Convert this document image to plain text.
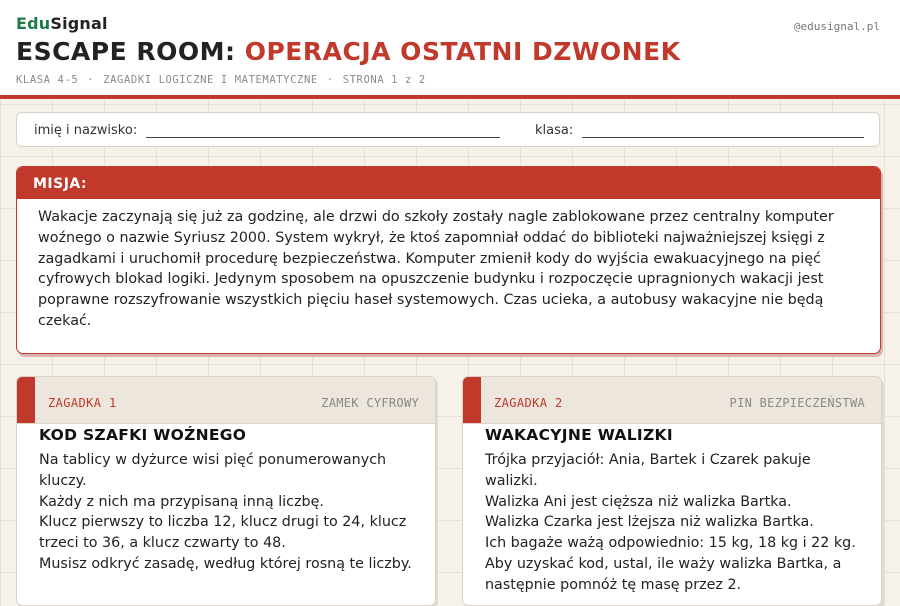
EduSignal	@edusignal.pl
ESCAPE ROOM: OPERACJA OSTATNI DZWONEK
KLASA 4-5 · ZAGADKI LOGICZNE I MATEMATYCZNE · STRONA 1 z 2
imię i nazwisko:	klasa:
MISJA:
Wakacje zaczynają się już za godzinę, ale drzwi do szkoły zostały nagle zablokowane przez centralny komputer woźnego o nazwie Syriusz 2000. System wykrył, że ktoś zapomniał oddać do biblioteki najważniejszej księgi z zagadkami i uruchomił procedurę bezpieczeństwa. Komputer zmienił kody do wyjścia ewakuacyjnego na pięć cyfrowych blokad logiki. Jedynym sposobem na opuszczenie budynku i rozpoczęcie upragnionych wakacji jest poprawne rozszyfrowanie wszystkich pięciu haseł systemowych. Czas ucieka, a autobusy wakacyjne nie będą czekać.
ZAGADKA 1	ZAMEK CYFROWY
KOD SZAFKI WOŹNEGO

Na tablicy w dyżurce wisi pięć ponumerowanych kluczy.

Każdy z nich ma przypisaną inną liczbę.

Klucz pierwszy to liczba 12, klucz drugi to 24, klucz trzeci to 36, a klucz czwarty to 48.

Musisz odkryć zasadę, według której rosną te liczby.

ZAGADKA 2	PIN BEZPIECZEŃSTWA
WAKACYJNE WALIZKI

Trójka przyjaciół: Ania, Bartek i Czarek pakuje walizki.

Walizka Ani jest cięższa niż walizka Bartka.

Walizka Czarka jest lżejsza niż walizka Bartka.

Ich bagaże ważą odpowiednio: 15 kg, 18 kg i 22 kg.

Aby uzyskać kod, ustal, ile waży walizka Bartka, a następnie pomnóż tę masę przez 2.
